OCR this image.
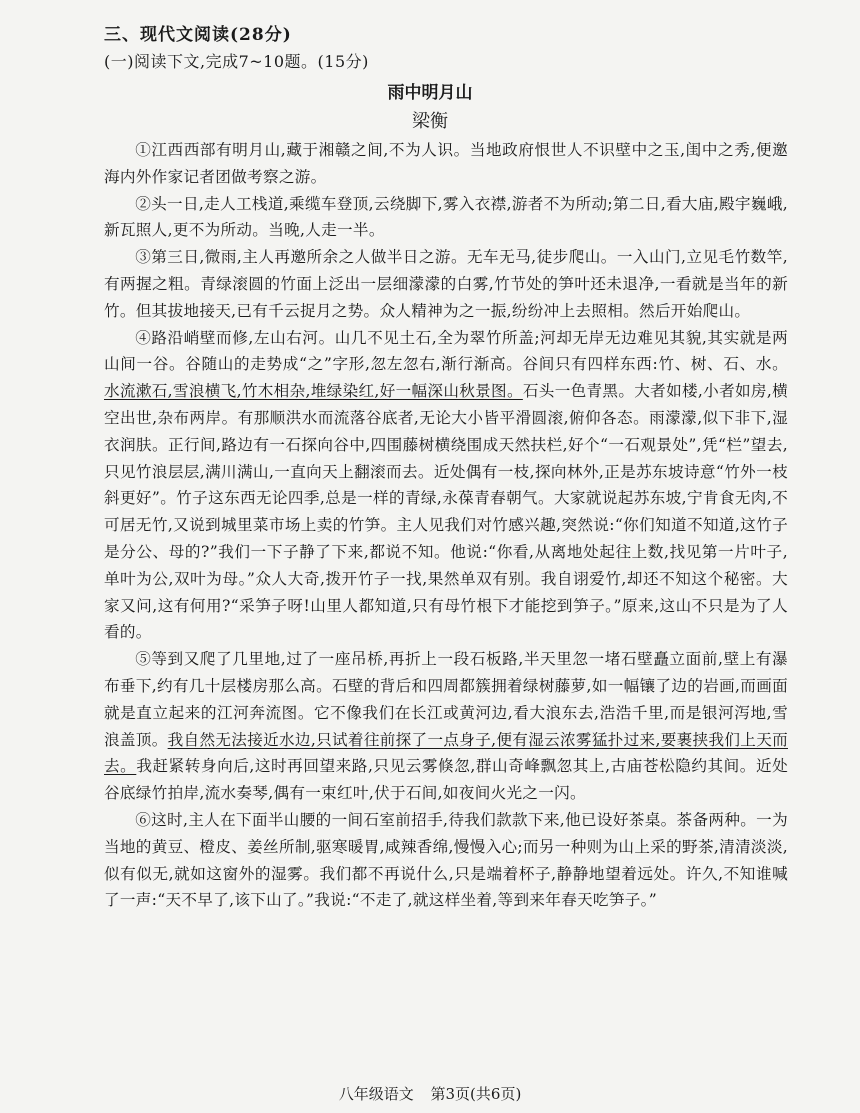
三、现代文阅读(28分)
(一)阅读下文,完成7~10题。(15分)
雨中明月山
梁衡

①江西西部有明月山,藏于湘赣之间,不为人识。当地政府恨世人不识壁中之玉,闺中之秀,便邀海内外作家记者团做考察之游。

②头一日,走人工栈道,乘缆车登顶,云绕脚下,雾入衣襟,游者不为所动;第二日,看大庙,殿宇巍峨,新瓦照人,更不为所动。当晚,人走一半。

③第三日,微雨,主人再邀所余之人做半日之游。无车无马,徒步爬山。一入山门,立见毛竹数竿,有两握之粗。青绿滚圆的竹面上泛出一层细濛濛的白雾,竹节处的笋叶还未退净,一看就是当年的新竹。但其拔地接天,已有千云捉月之势。众人精神为之一振,纷纷冲上去照相。然后开始爬山。

④路沿峭壁而修,左山右河。山几不见土石,全为翠竹所盖;河却无岸无边难见其貌,其实就是两山间一谷。谷随山的走势成“之”字形,忽左忽右,渐行渐高。谷间只有四样东西:竹、树、石、水。水流漱石,雪浪横飞,竹木相杂,堆绿染红,好一幅深山秋景图。石头一色青黑。大者如楼,小者如房,横空出世,杂布两岸。有那顺洪水而流落谷底者,无论大小皆平滑圆滚,俯仰各态。雨濛濛,似下非下,湿衣润肤。正行间,路边有一石探向谷中,四围藤树横绕围成天然扶栏,好个“一石观景处”,凭“栏”望去,只见竹浪层层,满川满山,一直向天上翻滚而去。近处偶有一枝,探向林外,正是苏东坡诗意“竹外一枝斜更好”。竹子这东西无论四季,总是一样的青绿,永葆青春朝气。大家就说起苏东坡,宁肯食无肉,不可居无竹,又说到城里菜市场上卖的竹笋。主人见我们对竹感兴趣,突然说:“你们知道不知道,这竹子是分公、母的?”我们一下子静了下来,都说不知。他说:“你看,从离地处起往上数,找见第一片叶子,单叶为公,双叶为母。”众人大奇,拨开竹子一找,果然单双有别。我自诩爱竹,却还不知这个秘密。大家又问,这有何用?“采笋子呀!山里人都知道,只有母竹根下才能挖到笋子。”原来,这山不只是为了人看的。

⑤等到又爬了几里地,过了一座吊桥,再折上一段石板路,半天里忽一堵石壁矗立面前,壁上有瀑布垂下,约有几十层楼房那么高。石壁的背后和四周都簇拥着绿树藤萝,如一幅镶了边的岩画,而画面就是直立起来的江河奔流图。它不像我们在长江或黄河边,看大浪东去,浩浩千里,而是银河泻地,雪浪盖顶。我自然无法接近水边,只试着往前探了一点身子,便有湿云浓雾猛扑过来,要裹挟我们上天而去。我赶紧转身向后,这时再回望来路,只见云雾倏忽,群山奇峰飘忽其上,古庙苍松隐约其间。近处谷底绿竹拍岸,流水奏琴,偶有一束红叶,伏于石间,如夜间火光之一闪。

⑥这时,主人在下面半山腰的一间石室前招手,待我们款款下来,他已设好茶桌。茶备两种。一为当地的黄豆、橙皮、姜丝所制,驱寒暖胃,咸辣香绵,慢慢入心;而另一种则为山上采的野茶,清清淡淡,似有似无,就如这窗外的湿雾。我们都不再说什么,只是端着杯子,静静地望着远处。许久,不知谁喊了一声:“天不早了,该下山了。”我说:“不走了,就这样坐着,等到来年春天吃笋子。”

八年级语文 第3页(共6页)
